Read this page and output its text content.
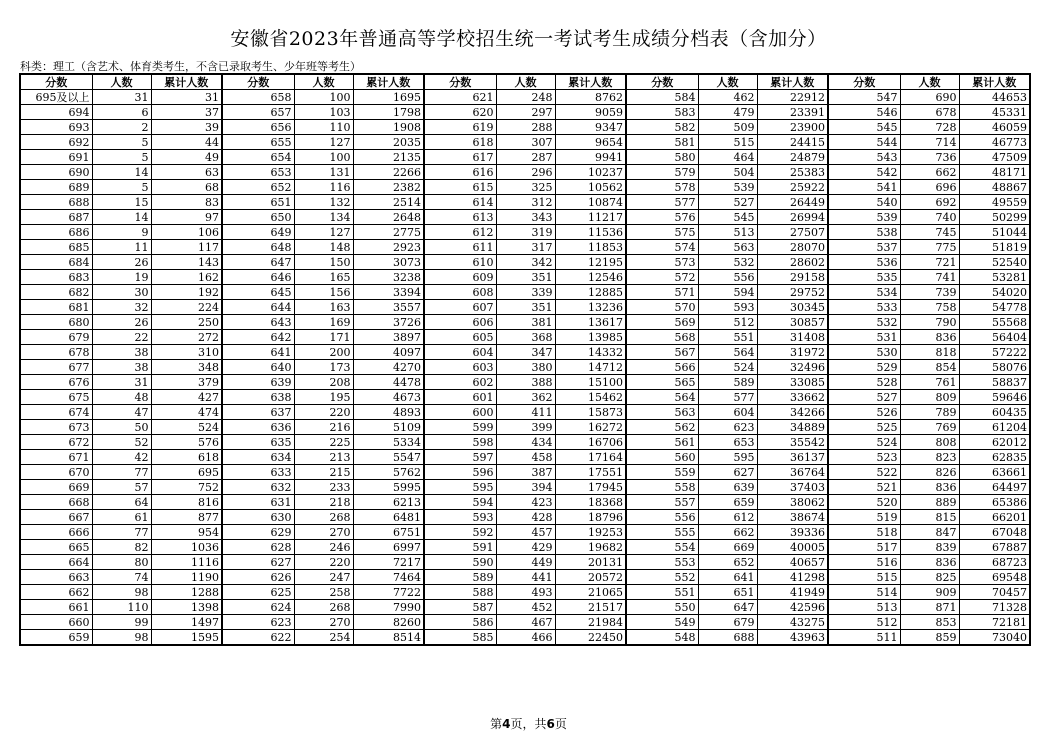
安徽省2023年普通高等学校招生统一考试考生成绩分档表（含加分）
科类：理工（含艺术、体育类考生，不含已录取考生、少年班等考生）
分数	人数	累计人数	分数	人数	累计人数	分数	人数	累计人数	分数	人数	累计人数	分数	人数	累计人数
695及以上	31	31	658	100	1695	621	248	8762	584	462	22912	547	690	44653
694	6	37	657	103	1798	620	297	9059	583	479	23391	546	678	45331
693	2	39	656	110	1908	619	288	9347	582	509	23900	545	728	46059
692	5	44	655	127	2035	618	307	9654	581	515	24415	544	714	46773
691	5	49	654	100	2135	617	287	9941	580	464	24879	543	736	47509
690	14	63	653	131	2266	616	296	10237	579	504	25383	542	662	48171
689	5	68	652	116	2382	615	325	10562	578	539	25922	541	696	48867
688	15	83	651	132	2514	614	312	10874	577	527	26449	540	692	49559
687	14	97	650	134	2648	613	343	11217	576	545	26994	539	740	50299
686	9	106	649	127	2775	612	319	11536	575	513	27507	538	745	51044
685	11	117	648	148	2923	611	317	11853	574	563	28070	537	775	51819
684	26	143	647	150	3073	610	342	12195	573	532	28602	536	721	52540
683	19	162	646	165	3238	609	351	12546	572	556	29158	535	741	53281
682	30	192	645	156	3394	608	339	12885	571	594	29752	534	739	54020
681	32	224	644	163	3557	607	351	13236	570	593	30345	533	758	54778
680	26	250	643	169	3726	606	381	13617	569	512	30857	532	790	55568
679	22	272	642	171	3897	605	368	13985	568	551	31408	531	836	56404
678	38	310	641	200	4097	604	347	14332	567	564	31972	530	818	57222
677	38	348	640	173	4270	603	380	14712	566	524	32496	529	854	58076
676	31	379	639	208	4478	602	388	15100	565	589	33085	528	761	58837
675	48	427	638	195	4673	601	362	15462	564	577	33662	527	809	59646
674	47	474	637	220	4893	600	411	15873	563	604	34266	526	789	60435
673	50	524	636	216	5109	599	399	16272	562	623	34889	525	769	61204
672	52	576	635	225	5334	598	434	16706	561	653	35542	524	808	62012
671	42	618	634	213	5547	597	458	17164	560	595	36137	523	823	62835
670	77	695	633	215	5762	596	387	17551	559	627	36764	522	826	63661
669	57	752	632	233	5995	595	394	17945	558	639	37403	521	836	64497
668	64	816	631	218	6213	594	423	18368	557	659	38062	520	889	65386
667	61	877	630	268	6481	593	428	18796	556	612	38674	519	815	66201
666	77	954	629	270	6751	592	457	19253	555	662	39336	518	847	67048
665	82	1036	628	246	6997	591	429	19682	554	669	40005	517	839	67887
664	80	1116	627	220	7217	590	449	20131	553	652	40657	516	836	68723
663	74	1190	626	247	7464	589	441	20572	552	641	41298	515	825	69548
662	98	1288	625	258	7722	588	493	21065	551	651	41949	514	909	70457
661	110	1398	624	268	7990	587	452	21517	550	647	42596	513	871	71328
660	99	1497	623	270	8260	586	467	21984	549	679	43275	512	853	72181
659	98	1595	622	254	8514	585	466	22450	548	688	43963	511	859	73040
第4页，共6页
